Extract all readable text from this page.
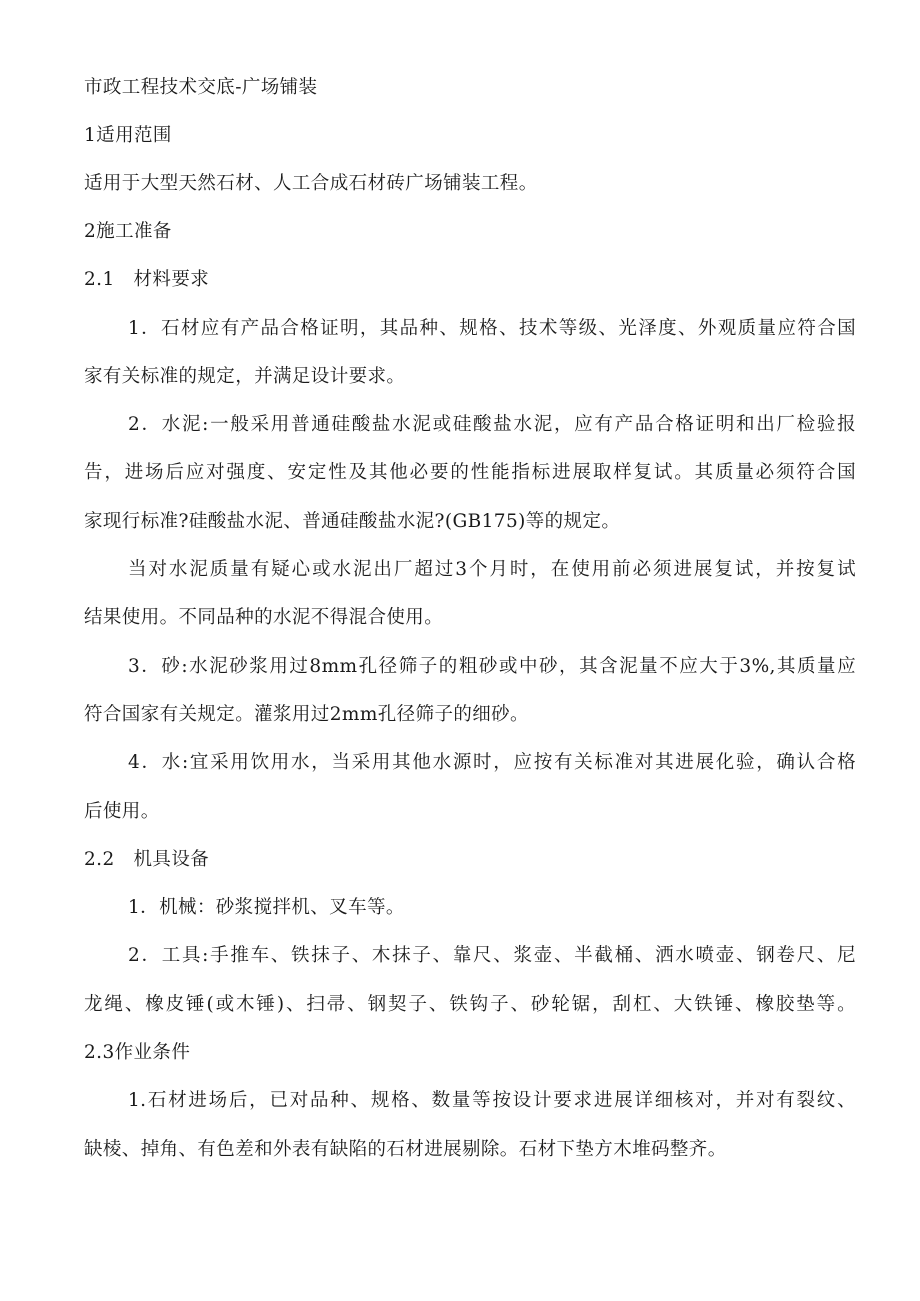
市政工程技术交底-广场铺装
1适用范围
适用于大型天然石材、人工合成石材砖广场铺装工程。
2施工准备
2.1　材料要求
1．石材应有产品合格证明，其品种、规格、技术等级、光泽度、外观质量应符合国
家有关标准的规定，并满足设计要求。
2．水泥:一般采用普通硅酸盐水泥或硅酸盐水泥，应有产品合格证明和出厂检验报
告，进场后应对强度、安定性及其他必要的性能指标进展取样复试。其质量必须符合国
家现行标准?硅酸盐水泥、普通硅酸盐水泥?(GB175)等的规定。
当对水泥质量有疑心或水泥出厂超过3个月时，在使用前必须进展复试，并按复试
结果使用。不同品种的水泥不得混合使用。
3．砂:水泥砂浆用过8mm孔径筛子的粗砂或中砂，其含泥量不应大于3%,其质量应
符合国家有关规定。灌浆用过2mm孔径筛子的细砂。
4．水:宜采用饮用水，当采用其他水源时，应按有关标准对其进展化验，确认合格
后使用。
2.2　机具设备
1．机械：砂浆搅拌机、叉车等。
2．工具:手推车、铁抹子、木抹子、靠尺、浆壶、半截桶、洒水喷壶、钢卷尺、尼
龙绳、橡皮锤(或木锤)、扫帚、钢契子、铁钩子、砂轮锯，刮杠、大铁锤、橡胶垫等。
2.3作业条件
1.石材进场后，已对品种、规格、数量等按设计要求进展详细核对，并对有裂纹、
缺棱、掉角、有色差和外表有缺陷的石材进展剔除。石材下垫方木堆码整齐。
